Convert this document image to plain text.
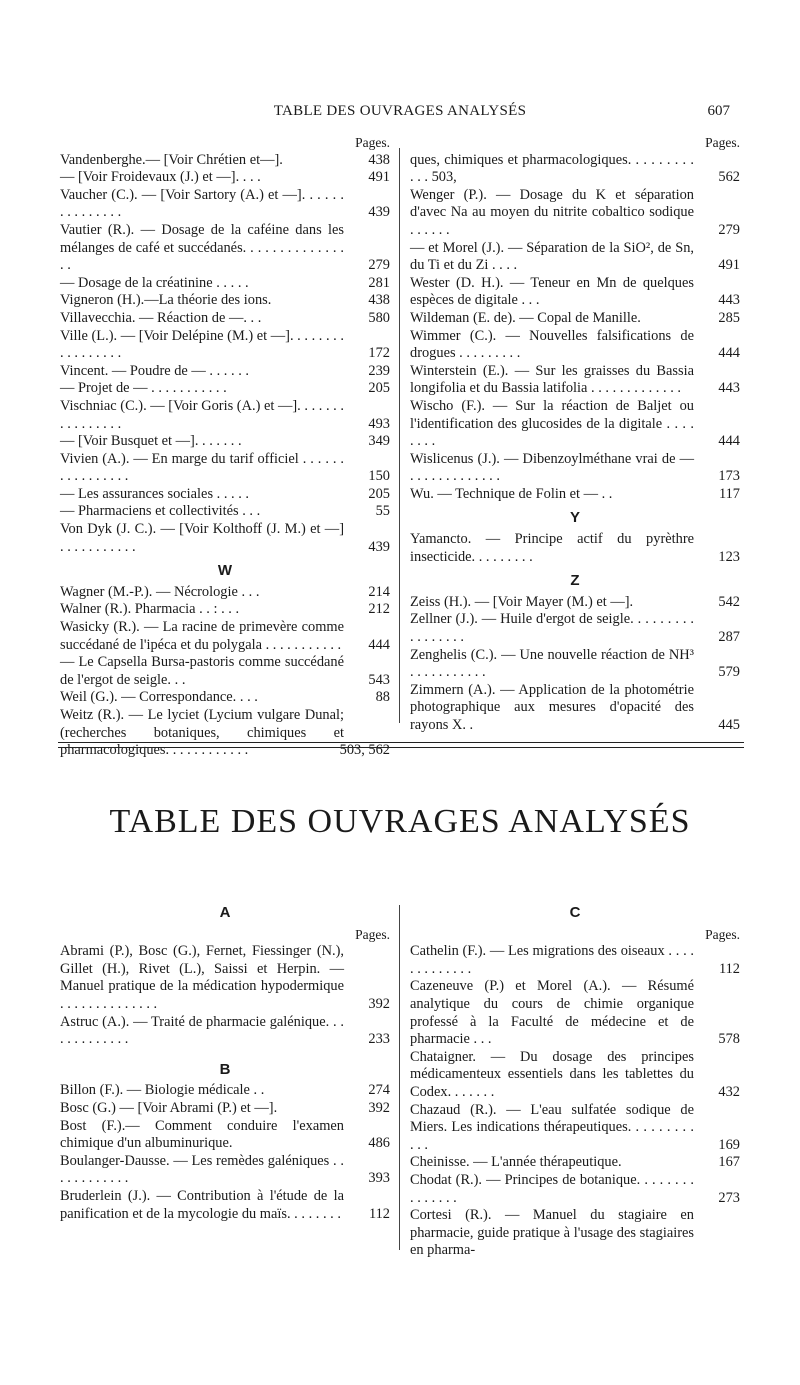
TABLE DES OUVRAGES ANALYSÉS	607
Pages.
Vandenberghe.— [Voir Chrétien et—].	438
— [Voir Froidevaux (J.) et —]. . . .	491
Vaucher (C.). — [Voir Sartory (A.) et —]. . . . . . . . . . . . . . .	439
Vautier (R.). — Dosage de la caféine dans les mélanges de café et succédanés. . . . . . . . . . . . . . . .	279
— Dosage de la créatinine . . . . .	281
Vigneron (H.).—La théorie des ions.	438
Villavecchia. — Réaction de —. . .	580
Ville (L.). — [Voir Delépine (M.) et —]. . . . . . . . . . . . . . . . .	172
Vincent. — Poudre de — . . . . . .	239
— Projet de — . . . . . . . . . . .	205
Vischniac (C.). — [Voir Goris (A.) et —]. . . . . . . . . . . . . . . .	493
— [Voir Busquet et —]. . . . . . .	349
Vivien (A.). — En marge du tarif officiel . . . . . . . . . . . . . . . .	150
— Les assurances sociales . . . . .	205
— Pharmaciens et collectivités . . .	55
Von Dyk (J. C.). — [Voir Kolthoff (J. M.) et —] . . . . . . . . . . .	439
W
Wagner (M.-P.). — Nécrologie . . .	214
Walner (R.). Pharmacia . . : . . .	212
Wasicky (R.). — La racine de primevère comme succédané de l'ipéca et du polygala . . . . . . . . . . . 444
— Le Capsella Bursa-pastoris comme succédané de l'ergot de seigle. . .	543
Weil (G.). — Correspondance. . . .	88
Weitz (R.). — Le lyciet (Lycium vulgare Dunal; (recherches botaniques, chimiques et pharmacologiques. . . . . . . . . . . .	503, 562
Pages.
ques, chimiques et pharmacologiques. . . . . . . . . . . . 503,	562
Wenger (P.). — Dosage du K et séparation d'avec Na au moyen du nitrite cobaltico sodique . . . . . .	279
— et Morel (J.). — Séparation de la SiO², de Sn, du Ti et du Zi . . . .	491
Wester (D. H.). — Teneur en Mn de quelques espèces de digitale . . .	443
Wildeman (E. de). — Copal de Manille.	285
Wimmer (C.). — Nouvelles falsifications de drogues . . . . . . . . .	444
Winterstein (E.). — Sur les graisses du Bassia longifolia et du Bassia latifolia . . . . . . . . . . . . .	443
Wischo (F.). — Sur la réaction de Baljet ou l'identification des glucosides de la digitale . . . . . . . .	444
Wislicenus (J.). — Dibenzoylméthane vrai de — . . . . . . . . . . . . .	173
Wu. — Technique de Folin et — . .	117
Y
Yamancto. — Principe actif du pyrèthre insecticide. . . . . . . . .	123
Z
Zeiss (H.). — [Voir Mayer (M.) et —].	542
Zellner (J.). — Huile d'ergot de seigle. . . . . . . . . . . . . . . . .	287
Zenghelis (C.). — Une nouvelle réaction de NH³ . . . . . . . . . . .	579
Zimmern (A.). — Application de la photométrie photographique aux mesures d'opacité des rayons X. .	445
TABLE DES OUVRAGES ANALYSÉS
A
Pages.
Abrami (P.), Bosc (G.), Fernet, Fiessinger (N.), Gillet (H.), Rivet (L.), Saissi et Herpin. — Manuel pratique de la médication hypodermique . . . . . . . . . . . . . .	392
Astruc (A.). — Traité de pharmacie galénique. . . . . . . . . . . . .	233
B
Billon (F.). — Biologie médicale . .	274
Bosc (G.) — [Voir Abrami (P.) et —].	392
Bost (F.).— Comment conduire l'examen chimique d'un albuminurique.	486
Boulanger-Dausse. — Les remèdes galéniques . . . . . . . . . . . .	393
Bruderlein (J.). — Contribution à l'étude de la panification et de la mycologie du maïs. . . . . . . . 112
C
Pages.
Cathelin (F.). — Les migrations des oiseaux . . . . . . . . . . . . .	112
Cazeneuve (P.) et Morel (A.). — Résumé analytique du cours de chimie organique professé à la Faculté de médecine et de pharmacie . . .	578
Chataigner. — Du dosage des principes médicamenteux essentiels dans les tablettes du Codex. . . . . . .	432
Chazaud (R.). — L'eau sulfatée sodique de Miers. Les indications thérapeutiques. . . . . . . . . . . .	169
Cheinisse. — L'année thérapeutique.	167
Chodat (R.). — Principes de botanique. . . . . . . . . . . . . . .	273
Cortesi (R.). — Manuel du stagiaire en pharmacie, guide pratique à l'usage des stagiaires en pharma-
